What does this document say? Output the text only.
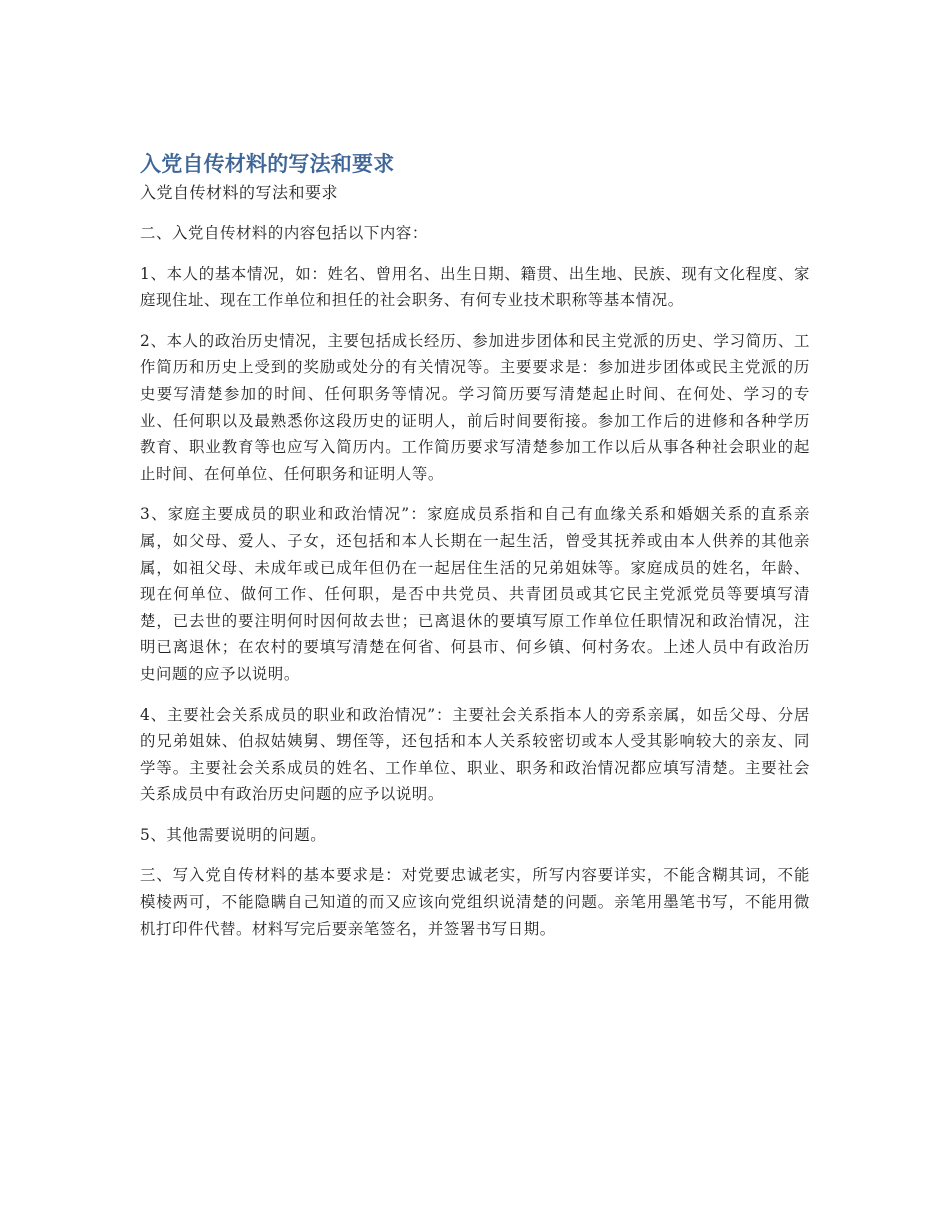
入党自传材料的写法和要求

入党自传材料的写法和要求

二、入党自传材料的内容包括以下内容：

1、本人的基本情况，如：姓名、曾用名、出生日期、籍贯、出生地、民族、现有文化程度、家庭现住址、现在工作单位和担任的社会职务、有何专业技术职称等基本情况。

2、本人的政治历史情况，主要包括成长经历、参加进步团体和民主党派的历史、学习简历、工作简历和历史上受到的奖励或处分的有关情况等。主要要求是：参加进步团体或民主党派的历史要写清楚参加的时间、任何职务等情况。学习简历要写清楚起止时间、在何处、学习的专业、任何职以及最熟悉你这段历史的证明人，前后时间要衔接。参加工作后的进修和各种学历教育、职业教育等也应写入简历内。工作简历要求写清楚参加工作以后从事各种社会职业的起止时间、在何单位、任何职务和证明人等。

3、家庭主要成员的职业和政治情况”：家庭成员系指和自己有血缘关系和婚姻关系的直系亲属，如父母、爱人、子女，还包括和本人长期在一起生活，曾受其抚养或由本人供养的其他亲属，如祖父母、未成年或已成年但仍在一起居住生活的兄弟姐妹等。家庭成员的姓名，年龄、现在何单位、做何工作、任何职，是否中共党员、共青团员或其它民主党派党员等要填写清楚，已去世的要注明何时因何故去世；已离退休的要填写原工作单位任职情况和政治情况，注明已离退休；在农村的要填写清楚在何省、何县市、何乡镇、何村务农。上述人员中有政治历史问题的应予以说明。

4、主要社会关系成员的职业和政治情况”：主要社会关系指本人的旁系亲属，如岳父母、分居的兄弟姐妹、伯叔姑姨舅、甥侄等，还包括和本人关系较密切或本人受其影响较大的亲友、同学等。主要社会关系成员的姓名、工作单位、职业、职务和政治情况都应填写清楚。主要社会关系成员中有政治历史问题的应予以说明。

5、其他需要说明的问题。

三、写入党自传材料的基本要求是：对党要忠诚老实，所写内容要详实，不能含糊其词，不能模棱两可，不能隐瞒自己知道的而又应该向党组织说清楚的问题。亲笔用墨笔书写，不能用微机打印件代替。材料写完后要亲笔签名，并签署书写日期。
